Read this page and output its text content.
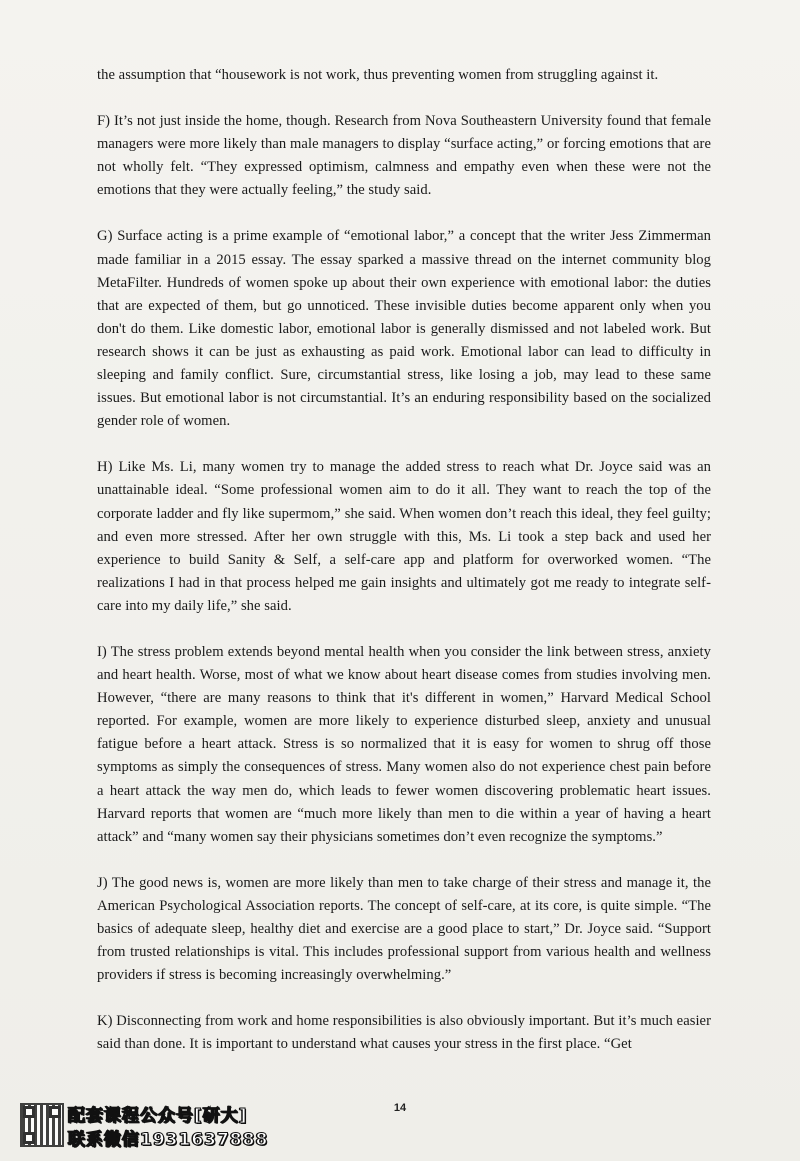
the assumption that “housework is not work, thus preventing women from struggling against it.

F) It’s not just inside the home, though. Research from Nova Southeastern University found that female managers were more likely than male managers to display “surface acting,” or forcing emotions that are not wholly felt. “They expressed optimism, calmness and empathy even when these were not the emotions that they were actually feeling,” the study said.

G) Surface acting is a prime example of “emotional labor,” a concept that the writer Jess Zimmerman made familiar in a 2015 essay. The essay sparked a massive thread on the internet community blog MetaFilter. Hundreds of women spoke up about their own experience with emotional labor: the duties that are expected of them, but go unnoticed. These invisible duties become apparent only when you don't do them. Like domestic labor, emotional labor is generally dismissed and not labeled work. But research shows it can be just as exhausting as paid work. Emotional labor can lead to difficulty in sleeping and family conflict. Sure, circumstantial stress, like losing a job, may lead to these same issues. But emotional labor is not circumstantial. It’s an enduring responsibility based on the socialized gender role of women.

H) Like Ms. Li, many women try to manage the added stress to reach what Dr. Joyce said was an unattainable ideal. “Some professional women aim to do it all. They want to reach the top of the corporate ladder and fly like supermom,” she said. When women don’t reach this ideal, they feel guilty; and even more stressed. After her own struggle with this, Ms. Li took a step back and used her experience to build Sanity & Self, a self-care app and platform for overworked women. “The realizations I had in that process helped me gain insights and ultimately got me ready to integrate self-care into my daily life,” she said.

I) The stress problem extends beyond mental health when you consider the link between stress, anxiety and heart health. Worse, most of what we know about heart disease comes from studies involving men. However, “there are many reasons to think that it's different in women,” Harvard Medical School reported. For example, women are more likely to experience disturbed sleep, anxiety and unusual fatigue before a heart attack. Stress is so normalized that it is easy for women to shrug off those symptoms as simply the consequences of stress. Many women also do not experience chest pain before a heart attack the way men do, which leads to fewer women discovering problematic heart issues. Harvard reports that women are “much more likely than men to die within a year of having a heart attack” and “many women say their physicians sometimes don’t even recognize the symptoms.”

J) The good news is, women are more likely than men to take charge of their stress and manage it, the American Psychological Association reports. The concept of self-care, at its core, is quite simple. “The basics of adequate sleep, healthy diet and exercise are a good place to start,” Dr. Joyce said. “Support from trusted relationships is vital. This includes professional support from various health and wellness providers if stress is becoming increasingly overwhelming.”

K) Disconnecting from work and home responsibilities is also obviously important. But it’s much easier said than done. It is important to understand what causes your stress in the first place. “Get

14
配套课程公众号[研大]
联系微信1931637888
